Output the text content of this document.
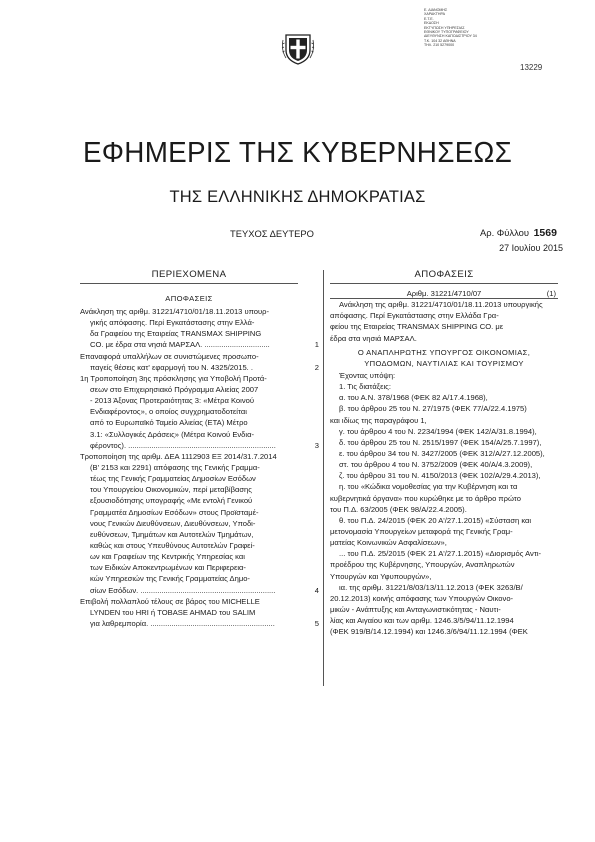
Ε. ΔΙΑΝΟΜΗΣ
ΧΑΡΑΚΤΗΡΑ
Ε.Τ.Ε.
ΕΚΔΟΣΗ
ΕΚΤΥΠΩΣΗ ΥΠΗΡΕΣΙΑΣ
ΕΘΝΙΚΟΥ ΤΥΠΟΓΡΑΦΕΙΟΥ
ΔΙΕΥΘΥΝΣΗ ΚΑΠΟΔΙΣΤΡΙΟΥ 34
Τ.Κ. 104 32 ΑΘΗΝΑ
ΤΗΛ. 210 5279000
13229
ΕΦΗΜΕΡΙΣ ΤΗΣ ΚΥΒΕΡΝΗΣΕΩΣ
ΤΗΣ ΕΛΛΗΝΙΚΗΣ ΔΗΜΟΚΡΑΤΙΑΣ
ΤΕΥΧΟΣ ΔΕΥΤΕΡΟ	Αρ. Φύλλου 1569
27 Ιουλίου 2015
ΠΕΡΙΕΧΟΜΕΝΑ
ΑΠΟΦΑΣΕΙΣ
Ανάκληση της αριθμ. 31221/4710/01/18.11.2013 υπουρ-
γικής απόφασης. Περί Εγκατάστασης στην Ελλά-
δα Γραφείου της Εταιρείας TRANSMAX SHIPPING
CO. με έδρα στα νησιά ΜΑΡΣΑΛ. ...............................	1
Επαναφορά υπαλλήλων σε συνιστώμενες προσωπο-
παγείς θέσεις κατ' εφαρμογή του Ν. 4325/2015. .	2
1η Τροποποίηση 3ης πρόσκλησης για Υποβολή Προτά-
σεων στο Επιχειρησιακό Πρόγραμμα Αλιείας 2007
- 2013 Άξονας Προτεραιότητας 3: «Μέτρα Κοινού
Ενδιαφέροντος», ο οποίος συγχρηματοδοτείται
από το Ευρωπαϊκό Ταμείο Αλιείας (ΕΤΑ) Μέτρο
3.1: «Συλλογικές Δράσεις» (Μέτρα Κοινού Ενδια-
φέροντος). ......................................................................	3
Τροποποίηση της αριθμ. ΔΕΑ 1112903 ΕΞ 2014/31.7.2014
(Β' 2153 και 2291) απόφασης της Γενικής Γραμμα-
τέως της Γενικής Γραμματείας Δημοσίων Εσόδων
του Υπουργείου Οικονομικών, περί μεταβίβασης
εξουσιοδότησης υπογραφής «Με εντολή Γενικού
Γραμματέα Δημοσίων Εσόδων» στους Προϊσταμέ-
νους Γενικών Διευθύνσεων, Διευθύνσεων, Υποδι-
ευθύνσεων, Τμημάτων και Αυτοτελών Τμημάτων,
καθώς και στους Υπευθύνους Αυτοτελών Γραφεί-
ων και Γραφείων της Κεντρικής Υπηρεσίας και
των Ειδικών Αποκεντρωμένων και Περιφερεια-
κών Υπηρεσιών της Γενικής Γραμματείας Δημο-
σίων Εσόδων. ................................................................	4
Επιβολή πολλαπλού τέλους σε βάρος του MICHELLE
LYNDEN του HRI ή TOBASE AHMAD του SALIM
για λαθρεμπορία. ...........................................................	5
ΑΠΟΦΑΣΕΙΣ
Αριθμ. 31221/4710/07	(1)
Ανάκληση της αριθμ. 31221/4710/01/18.11.2013 υπουργικής
απόφασης. Περί Εγκατάστασης στην Ελλάδα Γρα-
φείου της Εταιρείας TRANSMAX SHIPPING CO. με
έδρα στα νησιά ΜΑΡΣΑΛ.
Ο ΑΝΑΠΛΗΡΩΤΗΣ ΥΠΟΥΡΓΟΣ ΟΙΚΟΝΟΜΙΑΣ,
ΥΠΟΔΟΜΩΝ, ΝΑΥΤΙΛΙΑΣ ΚΑΙ ΤΟΥΡΙΣΜΟΥ
Έχοντας υπόψη:
1. Τις διατάξεις:
α. του Α.Ν. 378/1968 (ΦΕΚ 82 Α/17.4.1968),
β. του άρθρου 25 του Ν. 27/1975 (ΦΕΚ 77/Α/22.4.1975)
και ιδίως της παραγράφου 1,
γ. του άρθρου 4 του Ν. 2234/1994 (ΦΕΚ 142/Α/31.8.1994),
δ. του άρθρου 25 του Ν. 2515/1997 (ΦΕΚ 154/Α/25.7.1997),
ε. του άρθρου 34 του Ν. 3427/2005 (ΦΕΚ 312/Α/27.12.2005),
στ. του άρθρου 4 του Ν. 3752/2009 (ΦΕΚ 40/Α/4.3.2009),
ζ. του άρθρου 31 του Ν. 4150/2013 (ΦΕΚ 102/Α/29.4.2013),
η. του «Κώδικα νομοθεσίας για την Κυβέρνηση και τα
κυβερνητικά όργανα» που κυρώθηκε με το άρθρο πρώτο
του Π.Δ. 63/2005 (ΦΕΚ 98/Α/22.4.2005).
θ. του Π.Δ. 24/2015 (ΦΕΚ 20 Α'/27.1.2015) «Σύσταση και
μετονομασία Υπουργείων μεταφορά της Γενικής Γραμ-
ματείας Κοινωνικών Ασφαλίσεων»,
... του Π.Δ. 25/2015 (ΦΕΚ 21 Α'/27.1.2015) «Διορισμός Αντι-
προέδρου της Κυβέρνησης, Υπουργών, Αναπληρωτών
Υπουργών και Υφυπουργών»,
ια. της αριθμ. 31221/8/03/13/11.12.2013 (ΦΕΚ 3263/Β/
20.12.2013) κοινής απόφασης των Υπουργών Οικονο-
μικών - Ανάπτυξης και Ανταγωνιστικότητας - Ναυτι-
λίας και Αιγαίου και των αριθμ. 1246.3/5/94/11.12.1994
(ΦΕΚ 919/Β/14.12.1994) και 1246.3/6/94/11.12.1994 (ΦΕΚ
